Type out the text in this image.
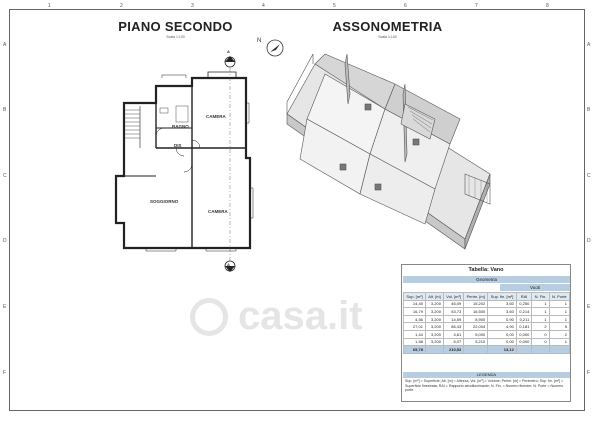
1	2	3	4	5	6	7	8
A
B
C
D
E
F
A
B
C
D
E
F
PIANO SECONDO
Scala 1:100
ASSONOMETRIA
Scala 1:100
N
A
A
CAMERA
BAGNO
DIS
SOGGIORNO
CAMERA
casa.it
Tabella: Vano
Geometria
Vuoti
Sup. [m²]	Alt. [m]	Vol. [m³]	Perim. [m]	Sup. fin. [m²]	RAI	N. Fin.	N. Porte
14,40	3,200	46,09	15,202	3,60	0,250	1	1
16,79	3,200	53,73	16,500	3,60	0,214	1	1
4,56	3,200	14,59	8,900	0,90	0,211	1	1
27,01	3,200	86,43	22,004	4,90	0,181	2	5
1,44	3,200	4,61	5,000	0,00	0,000	0	2
1,58	3,200	5,07	5,210	0,00	0,000	0	1
65,78		210,52		13,12			
LEGENDA
Sup. [m²] = Superficie; Alt. [m] = Altezza; Vol. [m³] = Volume; Perim. [m] = Perimetro; Sup. fin. [m²] = Superficie finestrata; RAI = Rapporto aeroilluminante; N. Fin. = Numero finestre; N. Porte = Numero porte.
